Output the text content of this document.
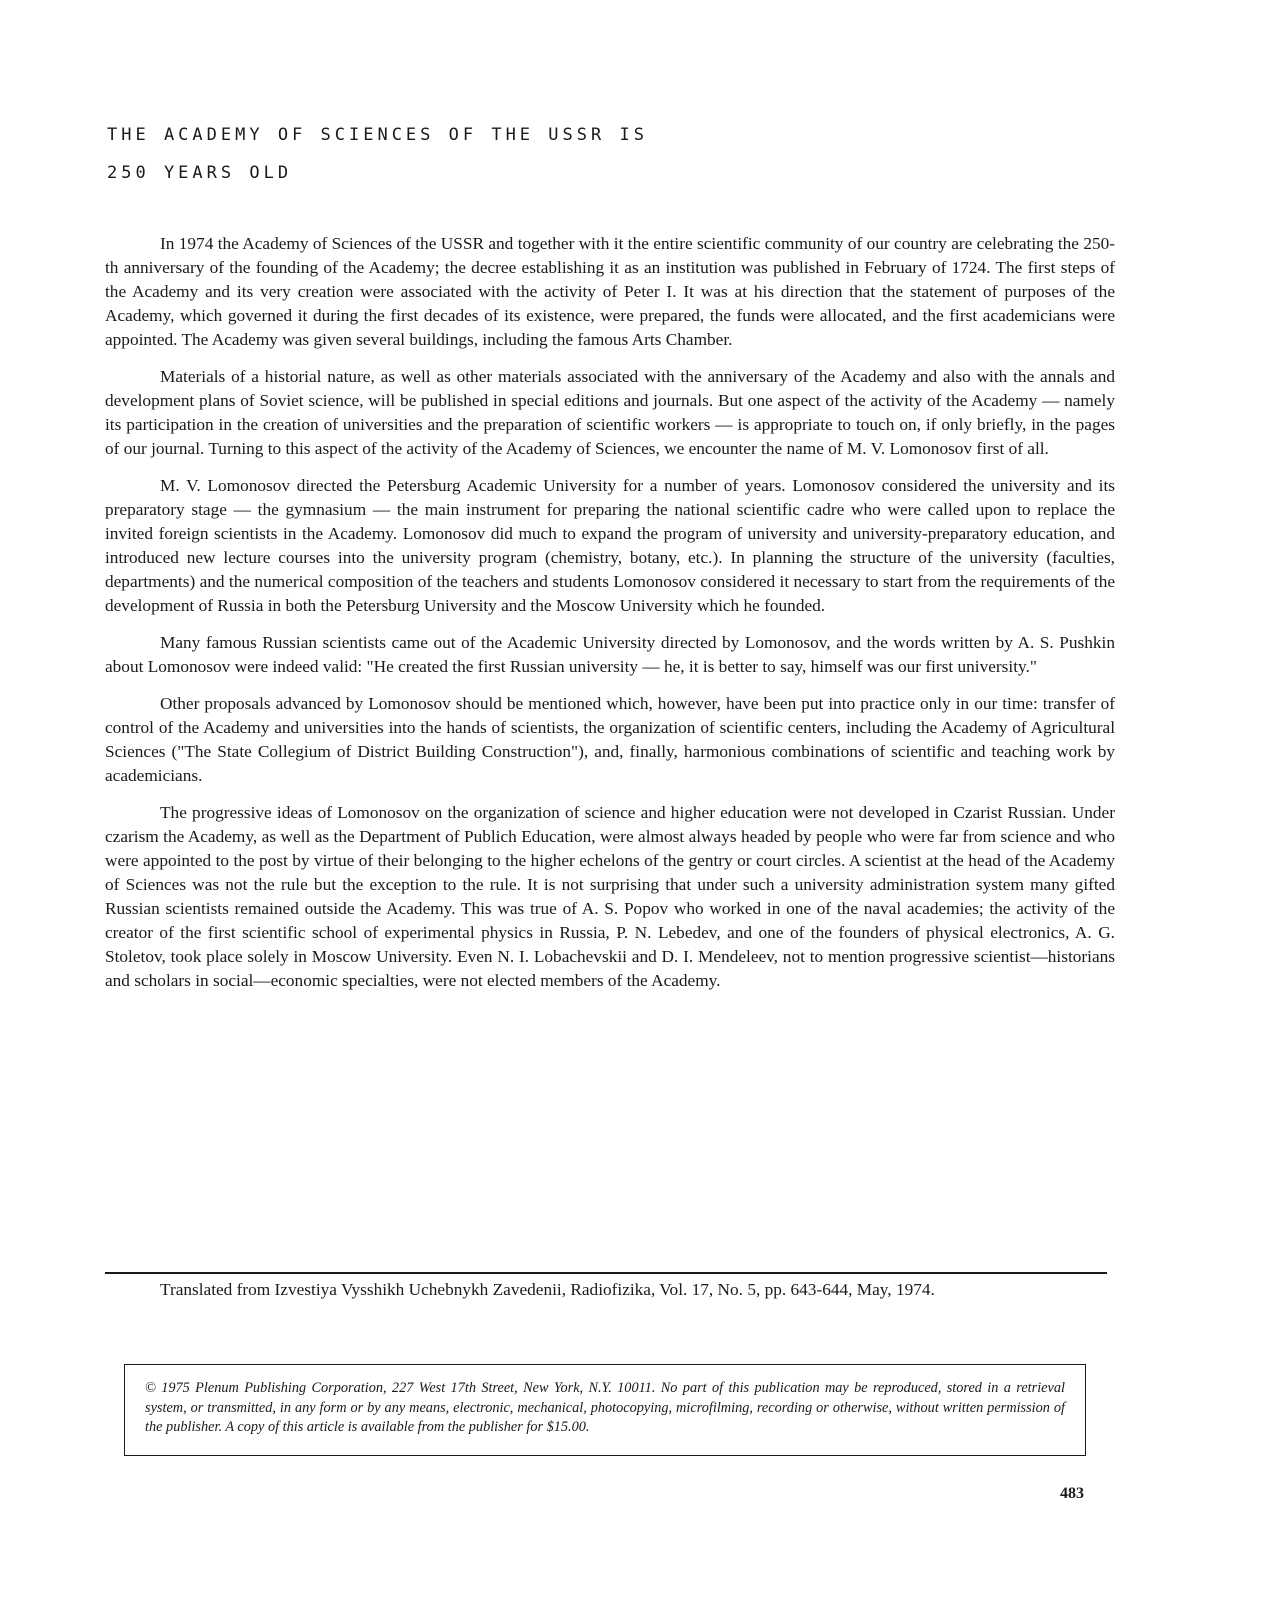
THE ACADEMY OF SCIENCES OF THE USSR IS
250 YEARS OLD

In 1974 the Academy of Sciences of the USSR and together with it the entire scientific community of our country are celebrating the 250-th anniversary of the founding of the Academy; the decree establishing it as an institution was published in February of 1724. The first steps of the Academy and its very creation were associated with the activity of Peter I. It was at his direction that the statement of purposes of the Academy, which governed it during the first decades of its existence, were prepared, the funds were allocated, and the first academicians were appointed. The Academy was given several buildings, including the famous Arts Chamber.

Materials of a historial nature, as well as other materials associated with the anniversary of the Academy and also with the annals and development plans of Soviet science, will be published in special editions and journals. But one aspect of the activity of the Academy — namely its participation in the creation of universities and the preparation of scientific workers — is appropriate to touch on, if only briefly, in the pages of our journal. Turning to this aspect of the activity of the Academy of Sciences, we encounter the name of M. V. Lomonosov first of all.

M. V. Lomonosov directed the Petersburg Academic University for a number of years. Lomonosov considered the university and its preparatory stage — the gymnasium — the main instrument for preparing the national scientific cadre who were called upon to replace the invited foreign scientists in the Academy. Lomonosov did much to expand the program of university and university-preparatory education, and introduced new lecture courses into the university program (chemistry, botany, etc.). In planning the structure of the university (faculties, departments) and the numerical composition of the teachers and students Lomonosov considered it necessary to start from the requirements of the development of Russia in both the Petersburg University and the Moscow University which he founded.

Many famous Russian scientists came out of the Academic University directed by Lomonosov, and the words written by A. S. Pushkin about Lomonosov were indeed valid: "He created the first Russian university — he, it is better to say, himself was our first university."

Other proposals advanced by Lomonosov should be mentioned which, however, have been put into practice only in our time: transfer of control of the Academy and universities into the hands of scientists, the organization of scientific centers, including the Academy of Agricultural Sciences ("The State Collegium of District Building Construction"), and, finally, harmonious combinations of scientific and teaching work by academicians.

The progressive ideas of Lomonosov on the organization of science and higher education were not developed in Czarist Russian. Under czarism the Academy, as well as the Department of Publich Education, were almost always headed by people who were far from science and who were appointed to the post by virtue of their belonging to the higher echelons of the gentry or court circles. A scientist at the head of the Academy of Sciences was not the rule but the exception to the rule. It is not surprising that under such a university administration system many gifted Russian scientists remained outside the Academy. This was true of A. S. Popov who worked in one of the naval academies; the activity of the creator of the first scientific school of experimental physics in Russia, P. N. Lebedev, and one of the founders of physical electronics, A. G. Stoletov, took place solely in Moscow University. Even N. I. Lobachevskii and D. I. Mendeleev, not to mention progressive scientist—historians and scholars in social—economic specialties, were not elected members of the Academy.

Translated from Izvestiya Vysshikh Uchebnykh Zavedenii, Radiofizika, Vol. 17, No. 5, pp. 643-644, May, 1974.
© 1975 Plenum Publishing Corporation, 227 West 17th Street, New York, N.Y. 10011. No part of this publication may be reproduced, stored in a retrieval system, or transmitted, in any form or by any means, electronic, mechanical, photocopying, microfilming, recording or otherwise, without written permission of the publisher. A copy of this article is available from the publisher for $15.00.
483
